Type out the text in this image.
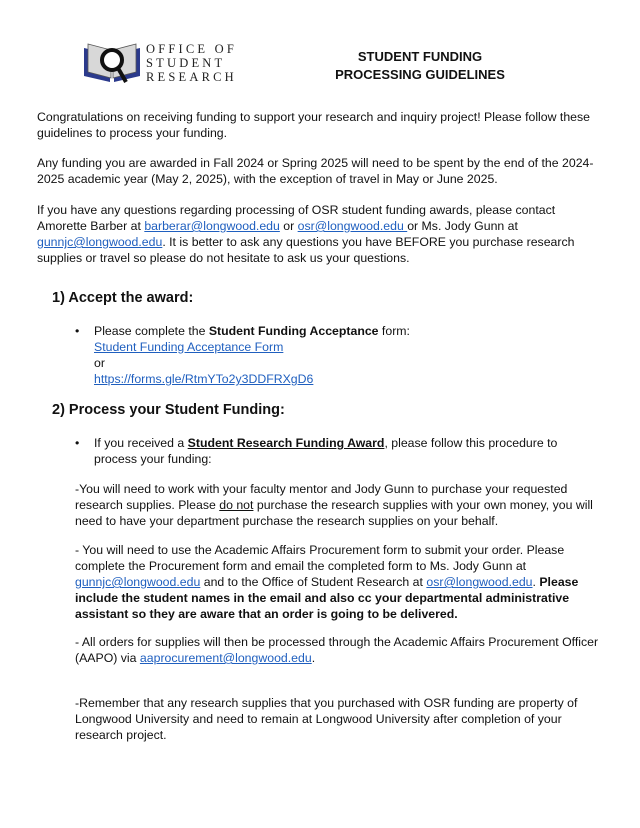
OFFICE OF
STUDENT
RESEARCH
STUDENT FUNDING
PROCESSING GUIDELINES

Congratulations on receiving funding to support your research and inquiry project! Please follow these guidelines to process your funding.

Any funding you are awarded in Fall 2024 or Spring 2025 will need to be spent by the end of the 2024-2025 academic year (May 2, 2025), with the exception of travel in May or June 2025.

If you have any questions regarding processing of OSR student funding awards, please contact Amorette Barber at barberar@longwood.edu or osr@longwood.edu or Ms. Jody Gunn at gunnjc@longwood.edu. It is better to ask any questions you have BEFORE you purchase research supplies or travel so please do not hesitate to ask us your questions.

1) Accept the award:
• Please complete the Student Funding Acceptance form:
Student Funding Acceptance Form
or
https://forms.gle/RtmYTo2y3DDFRXgD6
2) Process your Student Funding:
• If you received a Student Research Funding Award, please follow this procedure to process your funding:

-You will need to work with your faculty mentor and Jody Gunn to purchase your requested research supplies. Please do not purchase the research supplies with your own money, you will need to have your department purchase the research supplies on your behalf.

- You will need to use the Academic Affairs Procurement form to submit your order. Please complete the Procurement form and email the completed form to Ms. Jody Gunn at gunnjc@longwood.edu and to the Office of Student Research at osr@longwood.edu. Please include the student names in the email and also cc your departmental administrative assistant so they are aware that an order is going to be delivered.

- All orders for supplies will then be processed through the Academic Affairs Procurement Officer (AAPO) via aaprocurement@longwood.edu.

-Remember that any research supplies that you purchased with OSR funding are property of Longwood University and need to remain at Longwood University after completion of your research project.
